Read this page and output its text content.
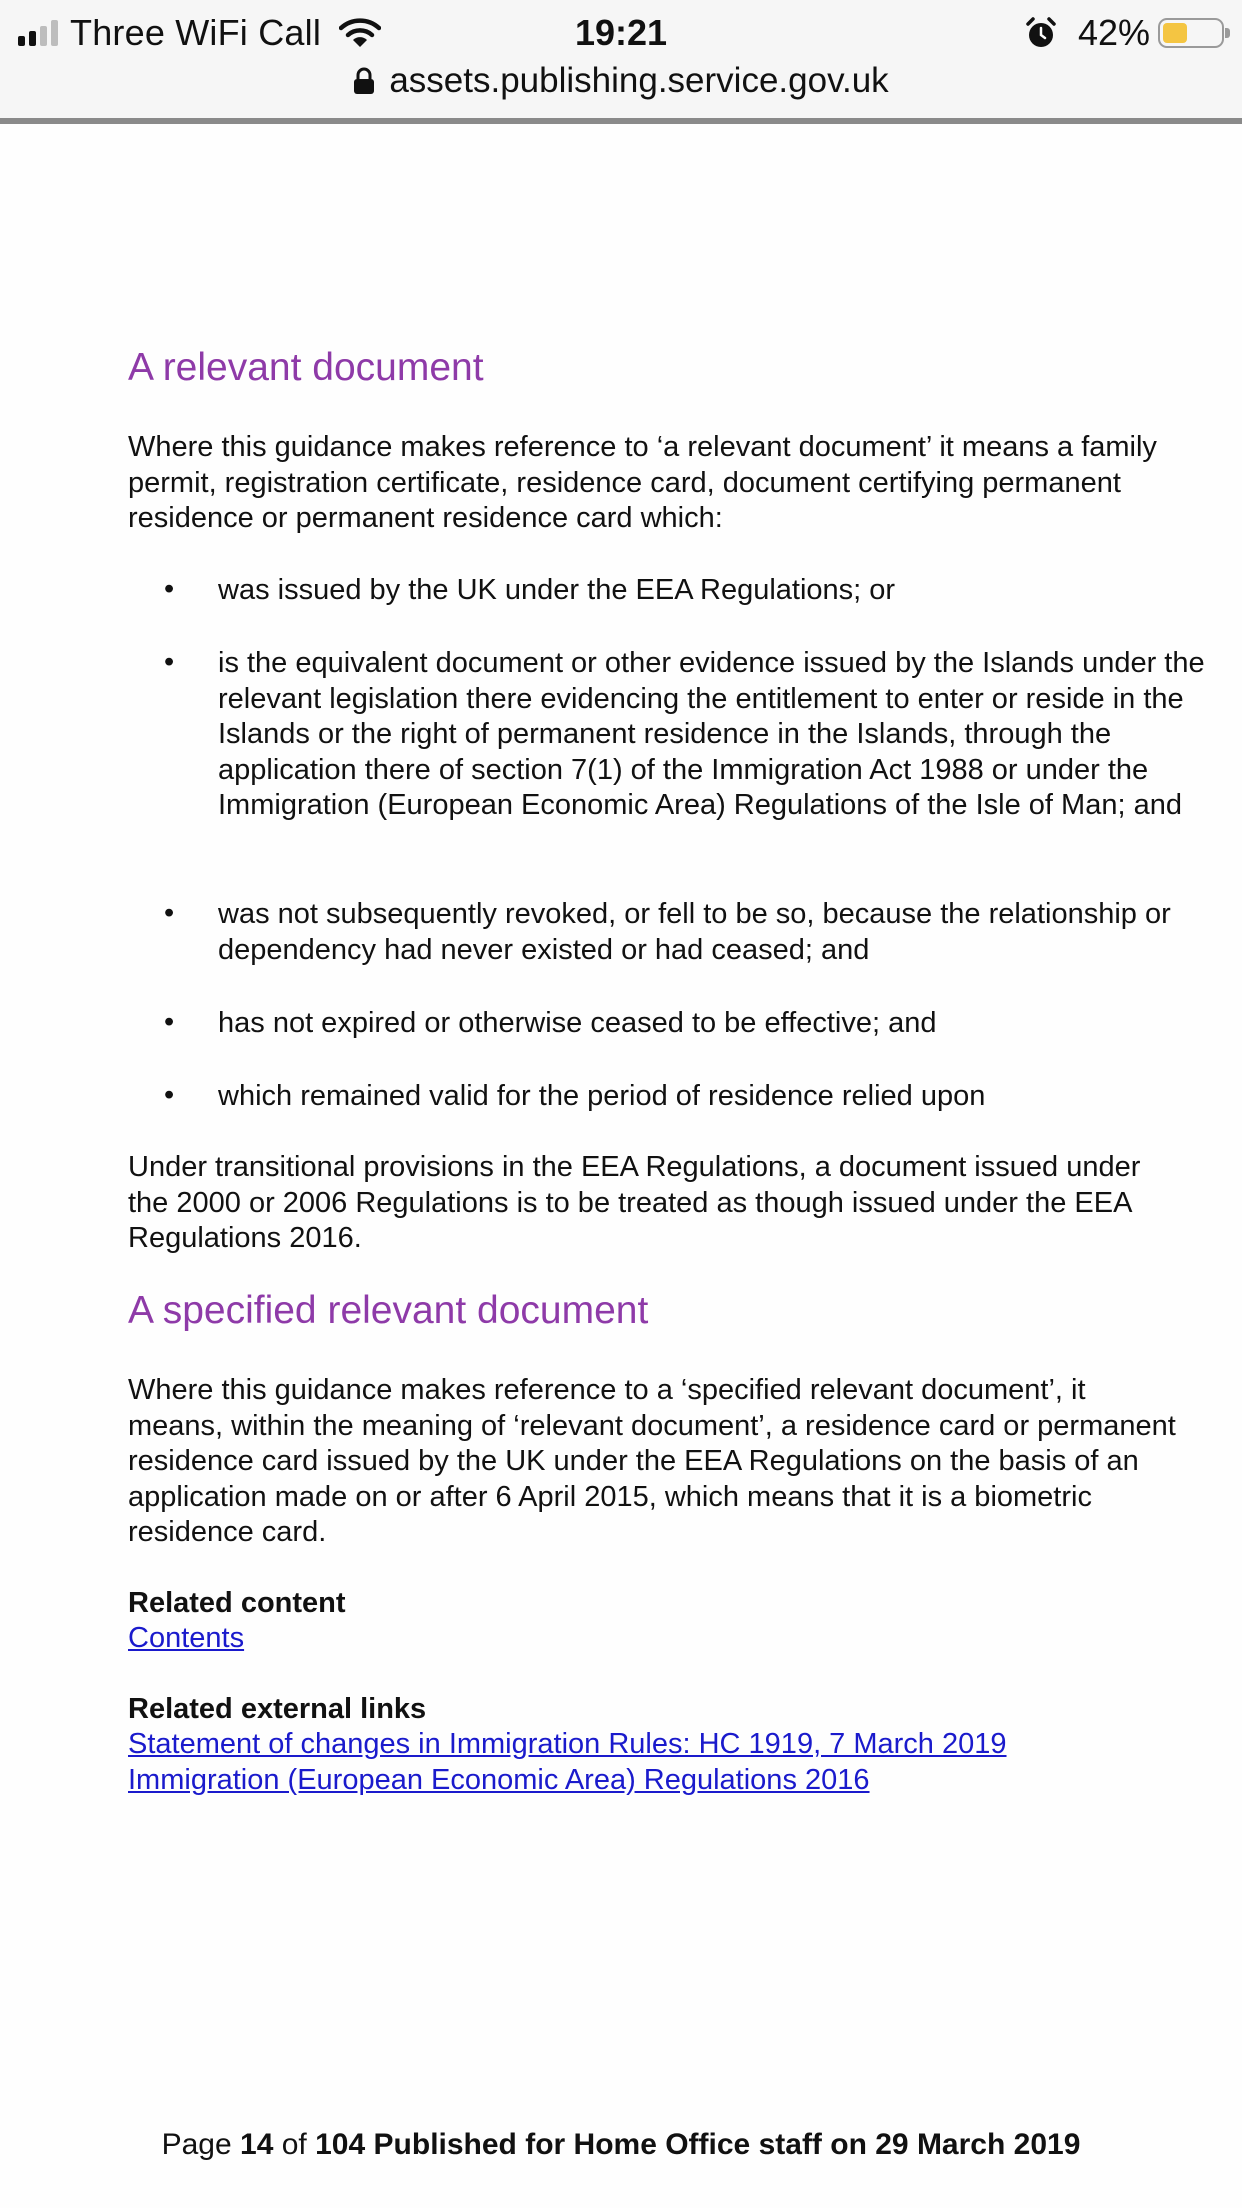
Three WiFi Call	19:21	42%
assets.publishing.service.gov.uk
A relevant document
Where this guidance makes reference to ‘a relevant document’ it means a family permit, registration certificate, residence card, document certifying permanent residence or permanent residence card which:
• was issued by the UK under the EEA Regulations; or
• is the equivalent document or other evidence issued by the Islands under the relevant legislation there evidencing the entitlement to enter or reside in the Islands or the right of permanent residence in the Islands, through the application there of section 7(1) of the Immigration Act 1988 or under the Immigration (European Economic Area) Regulations of the Isle of Man; and
• was not subsequently revoked, or fell to be so, because the relationship or dependency had never existed or had ceased; and
• has not expired or otherwise ceased to be effective; and
• which remained valid for the period of residence relied upon
Under transitional provisions in the EEA Regulations, a document issued under the 2000 or 2006 Regulations is to be treated as though issued under the EEA Regulations 2016.
A specified relevant document
Where this guidance makes reference to a ‘specified relevant document’, it means, within the meaning of ‘relevant document’, a residence card or permanent residence card issued by the UK under the EEA Regulations on the basis of an application made on or after 6 April 2015, which means that it is a biometric residence card.
Related content
Contents
Related external links
Statement of changes in Immigration Rules: HC 1919, 7 March 2019
Immigration (European Economic Area) Regulations 2016
Page 14 of 104 Published for Home Office staff on 29 March 2019
